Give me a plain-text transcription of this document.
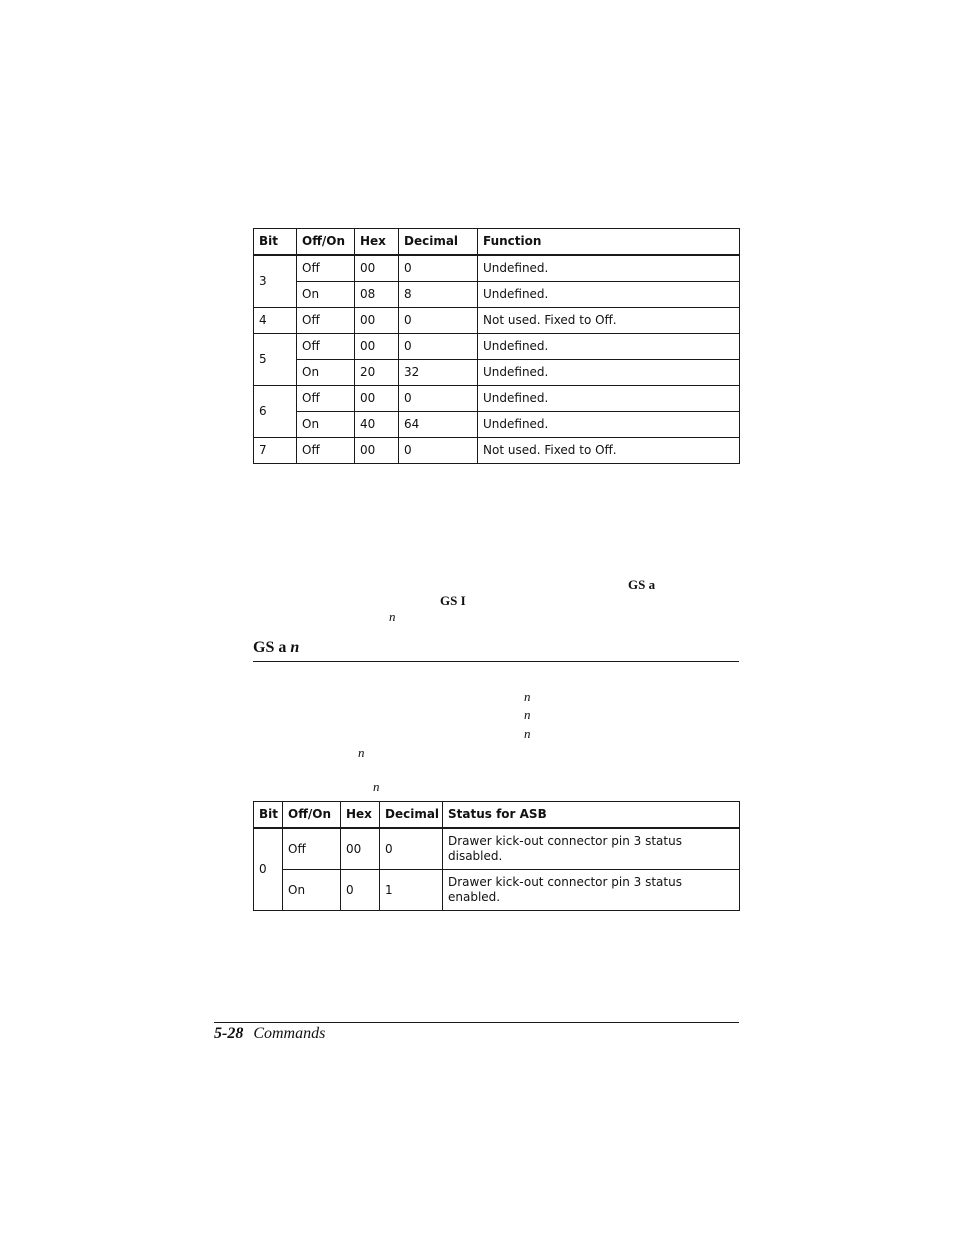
Bit	Off/On	Hex	Decimal	Function
3	Off	00	0	Undefined.
	On	08	8	Undefined.
4	Off	00	0	Not used. Fixed to Off.
5	Off	00	0	Undefined.
	On	20	32	Undefined.
6	Off	00	0	Undefined.
	On	40	64	Undefined.
7	Off	00	0	Not used. Fixed to Off.
GS a
GS I
n
GS a n
n
n
n
n
n
Bit	Off/On	Hex	Decimal	Status for ASB
0	Off	00	0	Drawer kick-out connector pin 3 status disabled.
	On	0	1	Drawer kick-out connector pin 3 status enabled.
5-28 Commands
